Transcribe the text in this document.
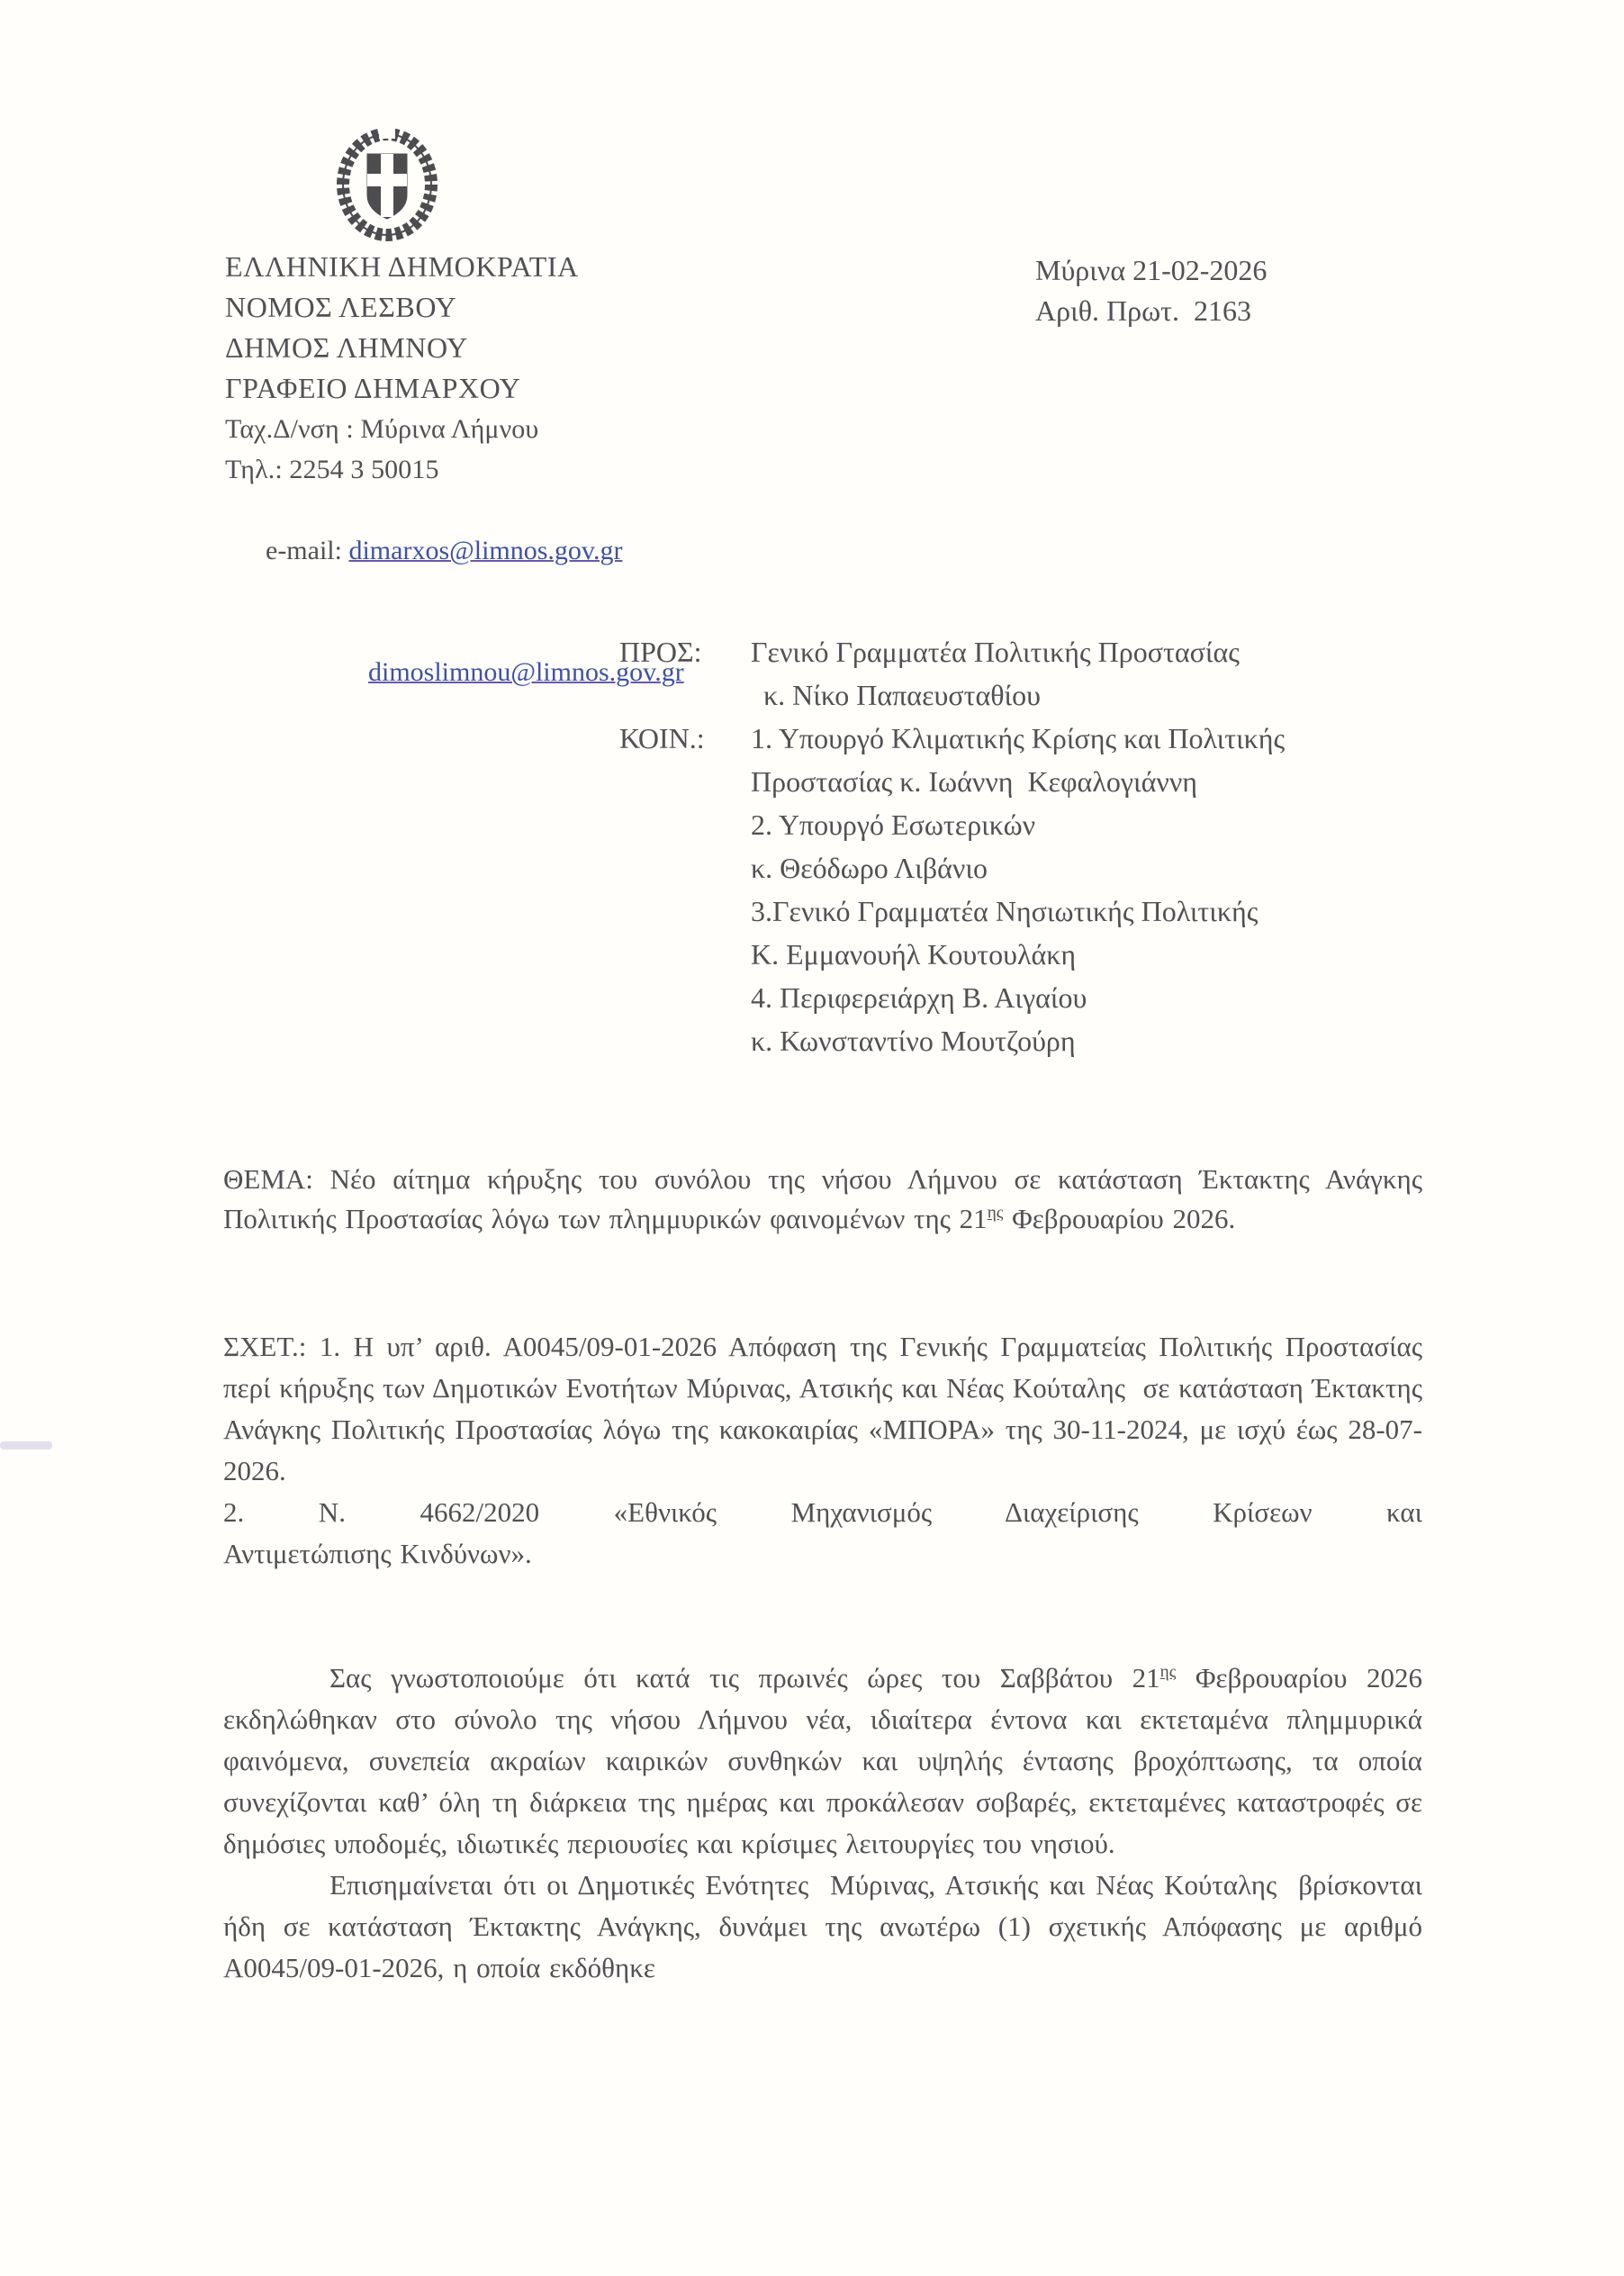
ΕΛΛΗΝΙΚΗ ΔΗΜΟΚΡΑΤΙΑ
ΝΟΜΟΣ ΛΕΣΒΟΥ
ΔΗΜΟΣ ΛΗΜΝΟΥ
ΓΡΑΦΕΙΟ ΔΗΜΑΡΧΟΥ
Ταχ.Δ/νση : Μύρινα Λήμνου
Τηλ.: 2254 3 50015

e-mail: dimarxos@limnos.gov.gr

dimoslimnou@limnos.gov.gr

Μύρινα 21-02-2026
Αριθ. Πρωτ.  2163
ΠΡΟΣ:	Γενικό Γραμματέα Πολιτικής Προστασίας
κ. Νίκο Παπαευσταθίου
ΚΟΙΝ.:	1. Υπουργό Κλιματικής Κρίσης και Πολιτικής
Προστασίας κ. Ιωάννη  Κεφαλογιάννη
2. Υπουργό Εσωτερικών
κ. Θεόδωρο Λιβάνιο
3.Γενικό Γραμματέα Νησιωτικής Πολιτικής
Κ. Εμμανουήλ Κουτουλάκη
4. Περιφερειάρχη Β. Αιγαίου
κ. Κωνσταντίνο Μουτζούρη

ΘΕΜΑ: Νέο αίτημα κήρυξης του συνόλου της νήσου Λήμνου σε κατάσταση Έκτακτης Ανάγκης Πολιτικής Προστασίας λόγω των πλημμυρικών φαινομένων της $21^{\eta\varsigma}$ Φεβρουαρίου 2026.

ΣΧΕΤ.: 1. Η υπ’ αριθ. Α0045/09-01-2026 Απόφαση της Γενικής Γραμματείας Πολιτικής Προστασίας περί κήρυξης των Δημοτικών Ενοτήτων Μύρινας, Ατσικής και Νέας Κούταλης  σε κατάσταση Έκτακτης Ανάγκης Πολιτικής Προστασίας λόγω της κακοκαιρίας «ΜΠΟΡΑ» της 30-11-2024, με ισχύ έως 28-07-2026.

2. Ν. 4662/2020 «Εθνικός Μηχανισμός Διαχείρισης Κρίσεων και

Αντιμετώπισης Κινδύνων».

Σας γνωστοποιούμε ότι κατά τις πρωινές ώρες του Σαββάτου $21^{\eta\varsigma}$ Φεβρουαρίου 2026 εκδηλώθηκαν στο σύνολο της νήσου Λήμνου νέα, ιδιαίτερα έντονα και εκτεταμένα πλημμυρικά φαινόμενα, συνεπεία ακραίων καιρικών συνθηκών και υψηλής έντασης βροχόπτωσης, τα οποία συνεχίζονται καθ’ όλη τη διάρκεια της ημέρας και προκάλεσαν σοβαρές, εκτεταμένες καταστροφές σε δημόσιες υποδομές, ιδιωτικές περιουσίες και κρίσιμες λειτουργίες του νησιού.

Επισημαίνεται ότι οι Δημοτικές Ενότητες  Μύρινας, Ατσικής και Νέας Κούταλης  βρίσκονται ήδη σε κατάσταση Έκτακτης Ανάγκης, δυνάμει της ανωτέρω (1) σχετικής Απόφασης με αριθμό Α0045/09-01-2026, η οποία εκδόθηκε
